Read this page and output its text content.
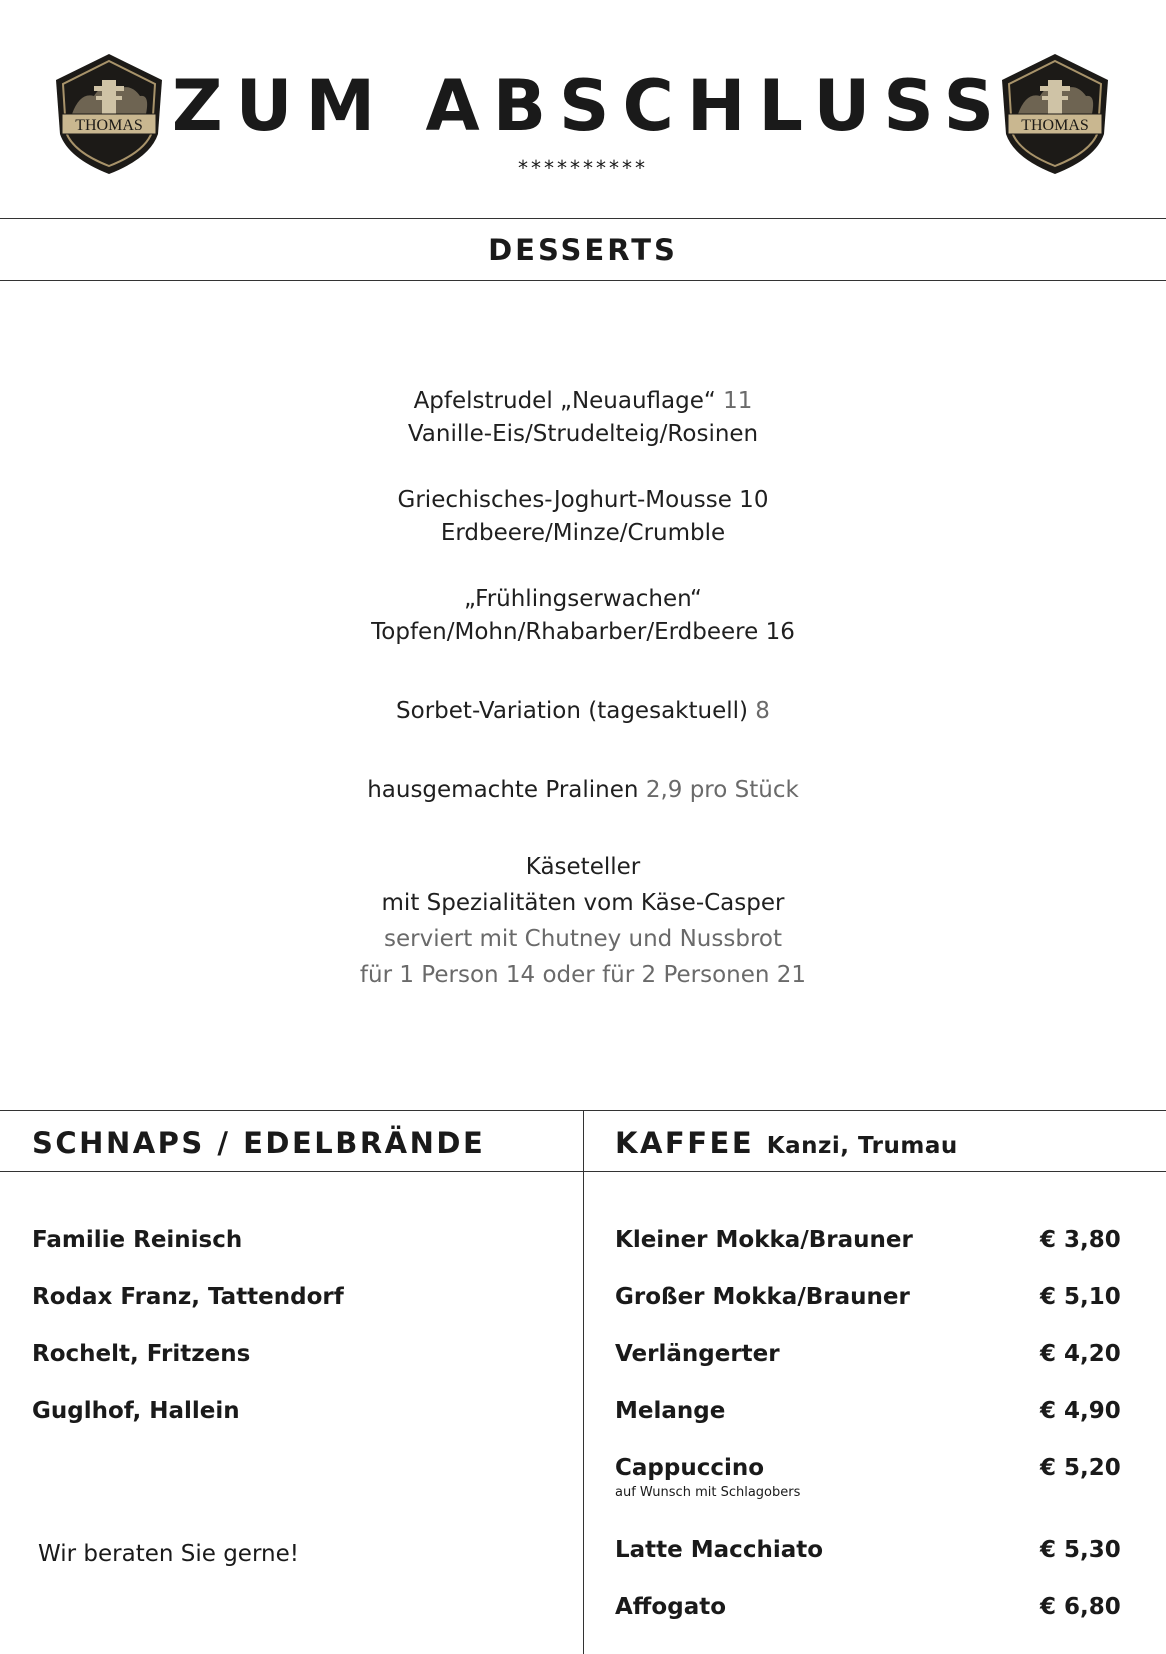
THOMAS	THOMAS
ZUM ABSCHLUSS
**********
DESSERTS
Apfelstrudel „Neuauflage“ 11
Vanille-Eis/Strudelteig/Rosinen
Griechisches-Joghurt-Mousse 10
Erdbeere/Minze/Crumble
„Frühlingserwachen“
Topfen/Mohn/Rhabarber/Erdbeere 16
Sorbet-Variation (tagesaktuell) 8
hausgemachte Pralinen 2,9 pro Stück
Käseteller
mit Spezialitäten vom Käse-Casper
serviert mit Chutney und Nussbrot
für 1 Person 14 oder für 2 Personen 21
SCHNAPS / EDELBRÄNDE
Familie Reinisch
Rodax Franz, Tattendorf
Rochelt, Fritzens
Guglhof, Hallein
Wir beraten Sie gerne!
KAFFEE Kanzi, Trumau
Kleiner Mokka/Brauner	€ 3,80
Großer Mokka/Brauner	€ 5,10
Verlängerter	€ 4,20
Melange	€ 4,90
Cappuccino	€ 5,20
auf Wunsch mit Schlagobers
Latte Macchiato	€ 5,30
Affogato	€ 6,80
